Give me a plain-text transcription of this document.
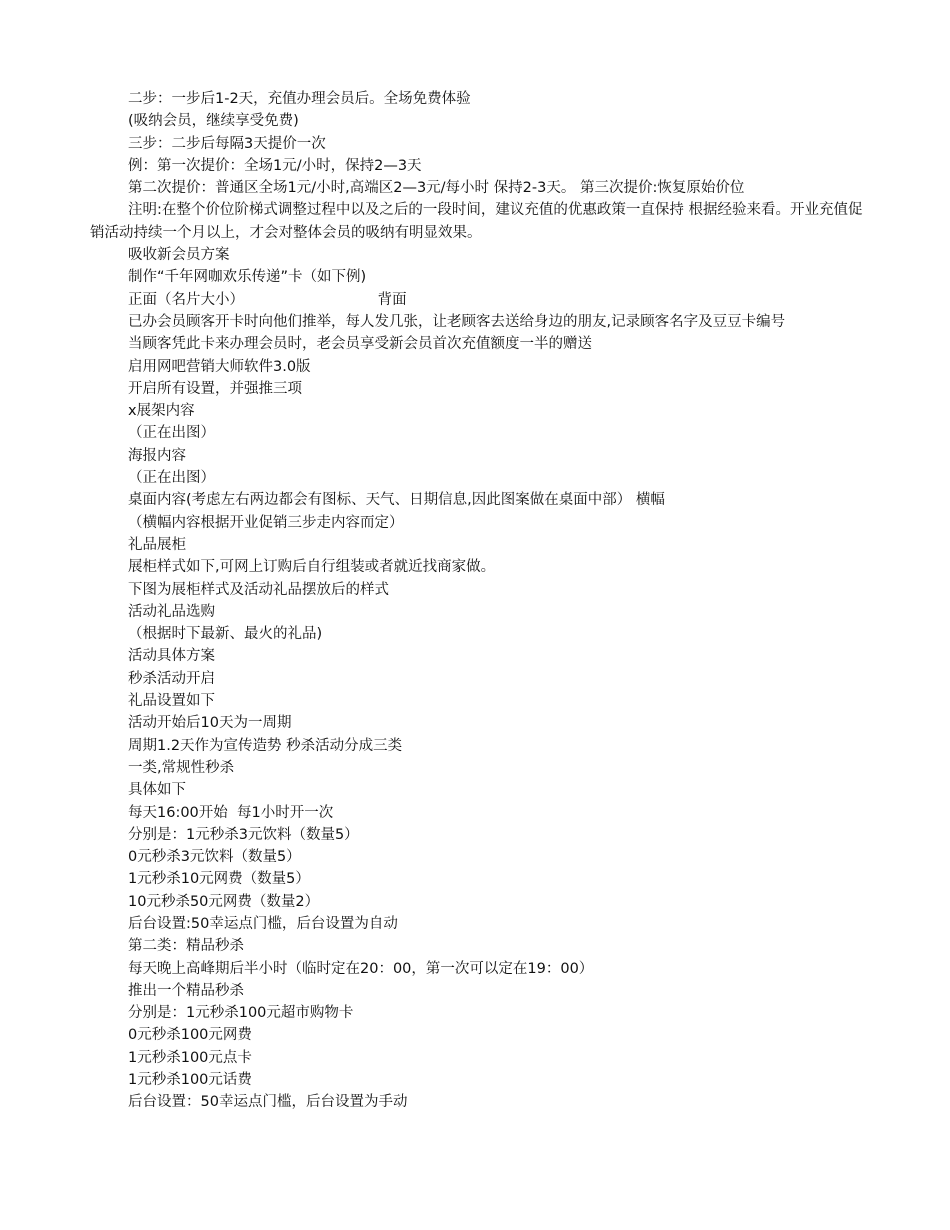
二步：一步后1-2天，充值办理会员后。全场免费体验

(吸纳会员，继续享受免费)

三步：二步后每隔3天提价一次

例：第一次提价：全场1元/小时，保持2—3天

第二次提价：普通区全场1元/小时,高端区2—3元/每小时 保持2-3天。 第三次提价:恢复原始价位

注明:在整个价位阶梯式调整过程中以及之后的一段时间，建议充值的优惠政策一直保持 根据经验来看。开业充值促销活动持续一个月以上，才会对整体会员的吸纳有明显效果。

吸收新会员方案

制作“千年网咖欢乐传递”卡（如下例)

正面（名片大小）                             背面

已办会员顾客开卡时向他们推举，每人发几张，让老顾客去送给身边的朋友,记录顾客名字及豆豆卡编号

当顾客凭此卡来办理会员时，老会员享受新会员首次充值额度一半的赠送

启用网吧营销大师软件3.0版

开启所有设置，并强推三项

x展架内容

（正在出图）

海报内容

（正在出图）

桌面内容(考虑左右两边都会有图标、天气、日期信息,因此图案做在桌面中部） 横幅

（横幅内容根据开业促销三步走内容而定）

礼品展柜

展柜样式如下,可网上订购后自行组装或者就近找商家做。

下图为展柜样式及活动礼品摆放后的样式

活动礼品选购

（根据时下最新、最火的礼品)

活动具体方案

秒杀活动开启

礼品设置如下

活动开始后10天为一周期

周期1.2天作为宣传造势 秒杀活动分成三类

一类,常规性秒杀

具体如下

每天16:00开始  每1小时开一次

分别是：1元秒杀3元饮料（数量5）

0元秒杀3元饮料（数量5）

1元秒杀10元网费（数量5）

10元秒杀50元网费（数量2）

后台设置:50幸运点门槛，后台设置为自动

第二类：精品秒杀

每天晚上高峰期后半小时（临时定在20：00，第一次可以定在19：00）

推出一个精品秒杀

分别是：1元秒杀100元超市购物卡

0元秒杀100元网费

1元秒杀100元点卡

1元秒杀100元话费

后台设置：50幸运点门槛，后台设置为手动
